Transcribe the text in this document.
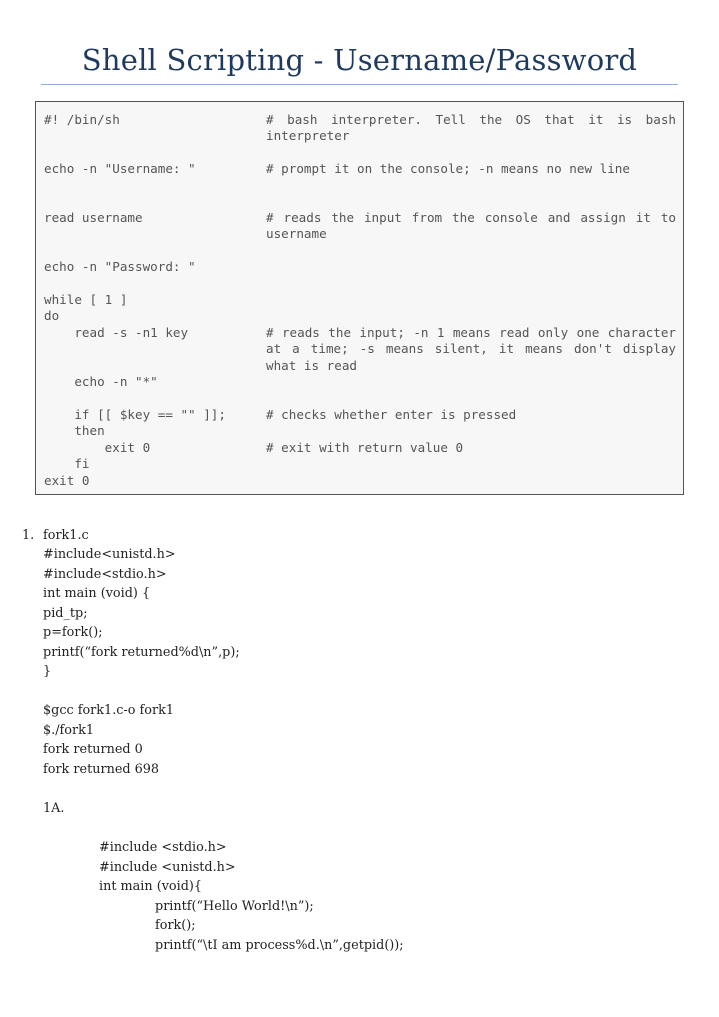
Shell Scripting - Username/Password
#! /bin/sh	# bash interpreter. Tell the OS that it is bash interpreter
echo -n "Username: "	# prompt it on the console; -n means no new line
read username	# reads the input from the console and assign it to username
echo -n "Password: "
while [ 1 ]
do
read -s -n1 key	# reads the input; -n 1 means read only one character at a time; -s means silent, it means don't display what is read
echo -n "*"
if [[ $key == "" ]];	# checks whether enter is pressed
then
exit 0	# exit with return value 0
fi
exit 0
1. fork1.c
#include<unistd.h>
#include<stdio.h>
int main (void) {
pid_tp;
p=fork();
printf(“fork returned%d\n”,p);
}
$gcc fork1.c-o fork1
$./fork1
fork returned 0
fork returned 698
1A.
#include <stdio.h>
#include <unistd.h>
int main (void){
printf(“Hello World!\n”);
fork();
printf(“\tI am process%d.\n”,getpid());
